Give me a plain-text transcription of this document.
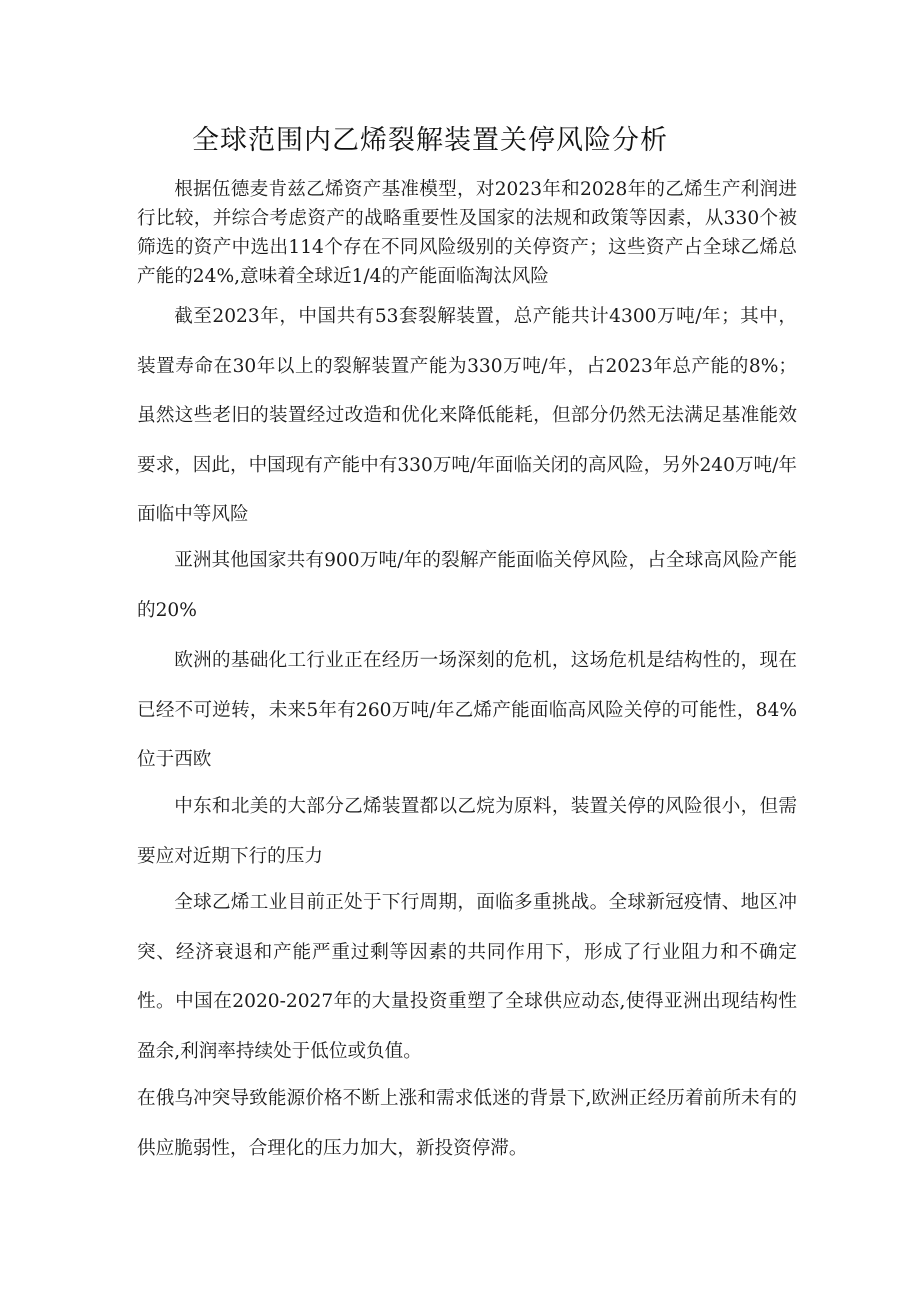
全球范围内乙烯裂解装置关停风险分析

根据伍德麦肯兹乙烯资产基准模型，对2023年和2028年的乙烯生产利润进行比较，并综合考虑资产的战略重要性及国家的法规和政策等因素，从330个被筛选的资产中选出114个存在不同风险级别的关停资产；这些资产占全球乙烯总产能的24%,意味着全球近1/4的产能面临淘汰风险

截至2023年，中国共有53套裂解装置，总产能共计4300万吨/年；其中，装置寿命在30年以上的裂解装置产能为330万吨/年，占2023年总产能的8%；虽然这些老旧的装置经过改造和优化来降低能耗，但部分仍然无法满足基准能效要求，因此，中国现有产能中有330万吨/年面临关闭的高风险，另外240万吨/年面临中等风险

亚洲其他国家共有900万吨/年的裂解产能面临关停风险，占全球高风险产能的20%

欧洲的基础化工行业正在经历一场深刻的危机，这场危机是结构性的，现在已经不可逆转，未来5年有260万吨/年乙烯产能面临高风险关停的可能性，84%位于西欧

中东和北美的大部分乙烯装置都以乙烷为原料，装置关停的风险很小，但需要应对近期下行的压力

全球乙烯工业目前正处于下行周期，面临多重挑战。全球新冠疫情、地区冲突、经济衰退和产能严重过剩等因素的共同作用下，形成了行业阻力和不确定性。中国在2020-2027年的大量投资重塑了全球供应动态,使得亚洲出现结构性盈余,利润率持续处于低位或负值。

在俄乌冲突导致能源价格不断上涨和需求低迷的背景下,欧洲正经历着前所未有的供应脆弱性，合理化的压力加大，新投资停滞。
